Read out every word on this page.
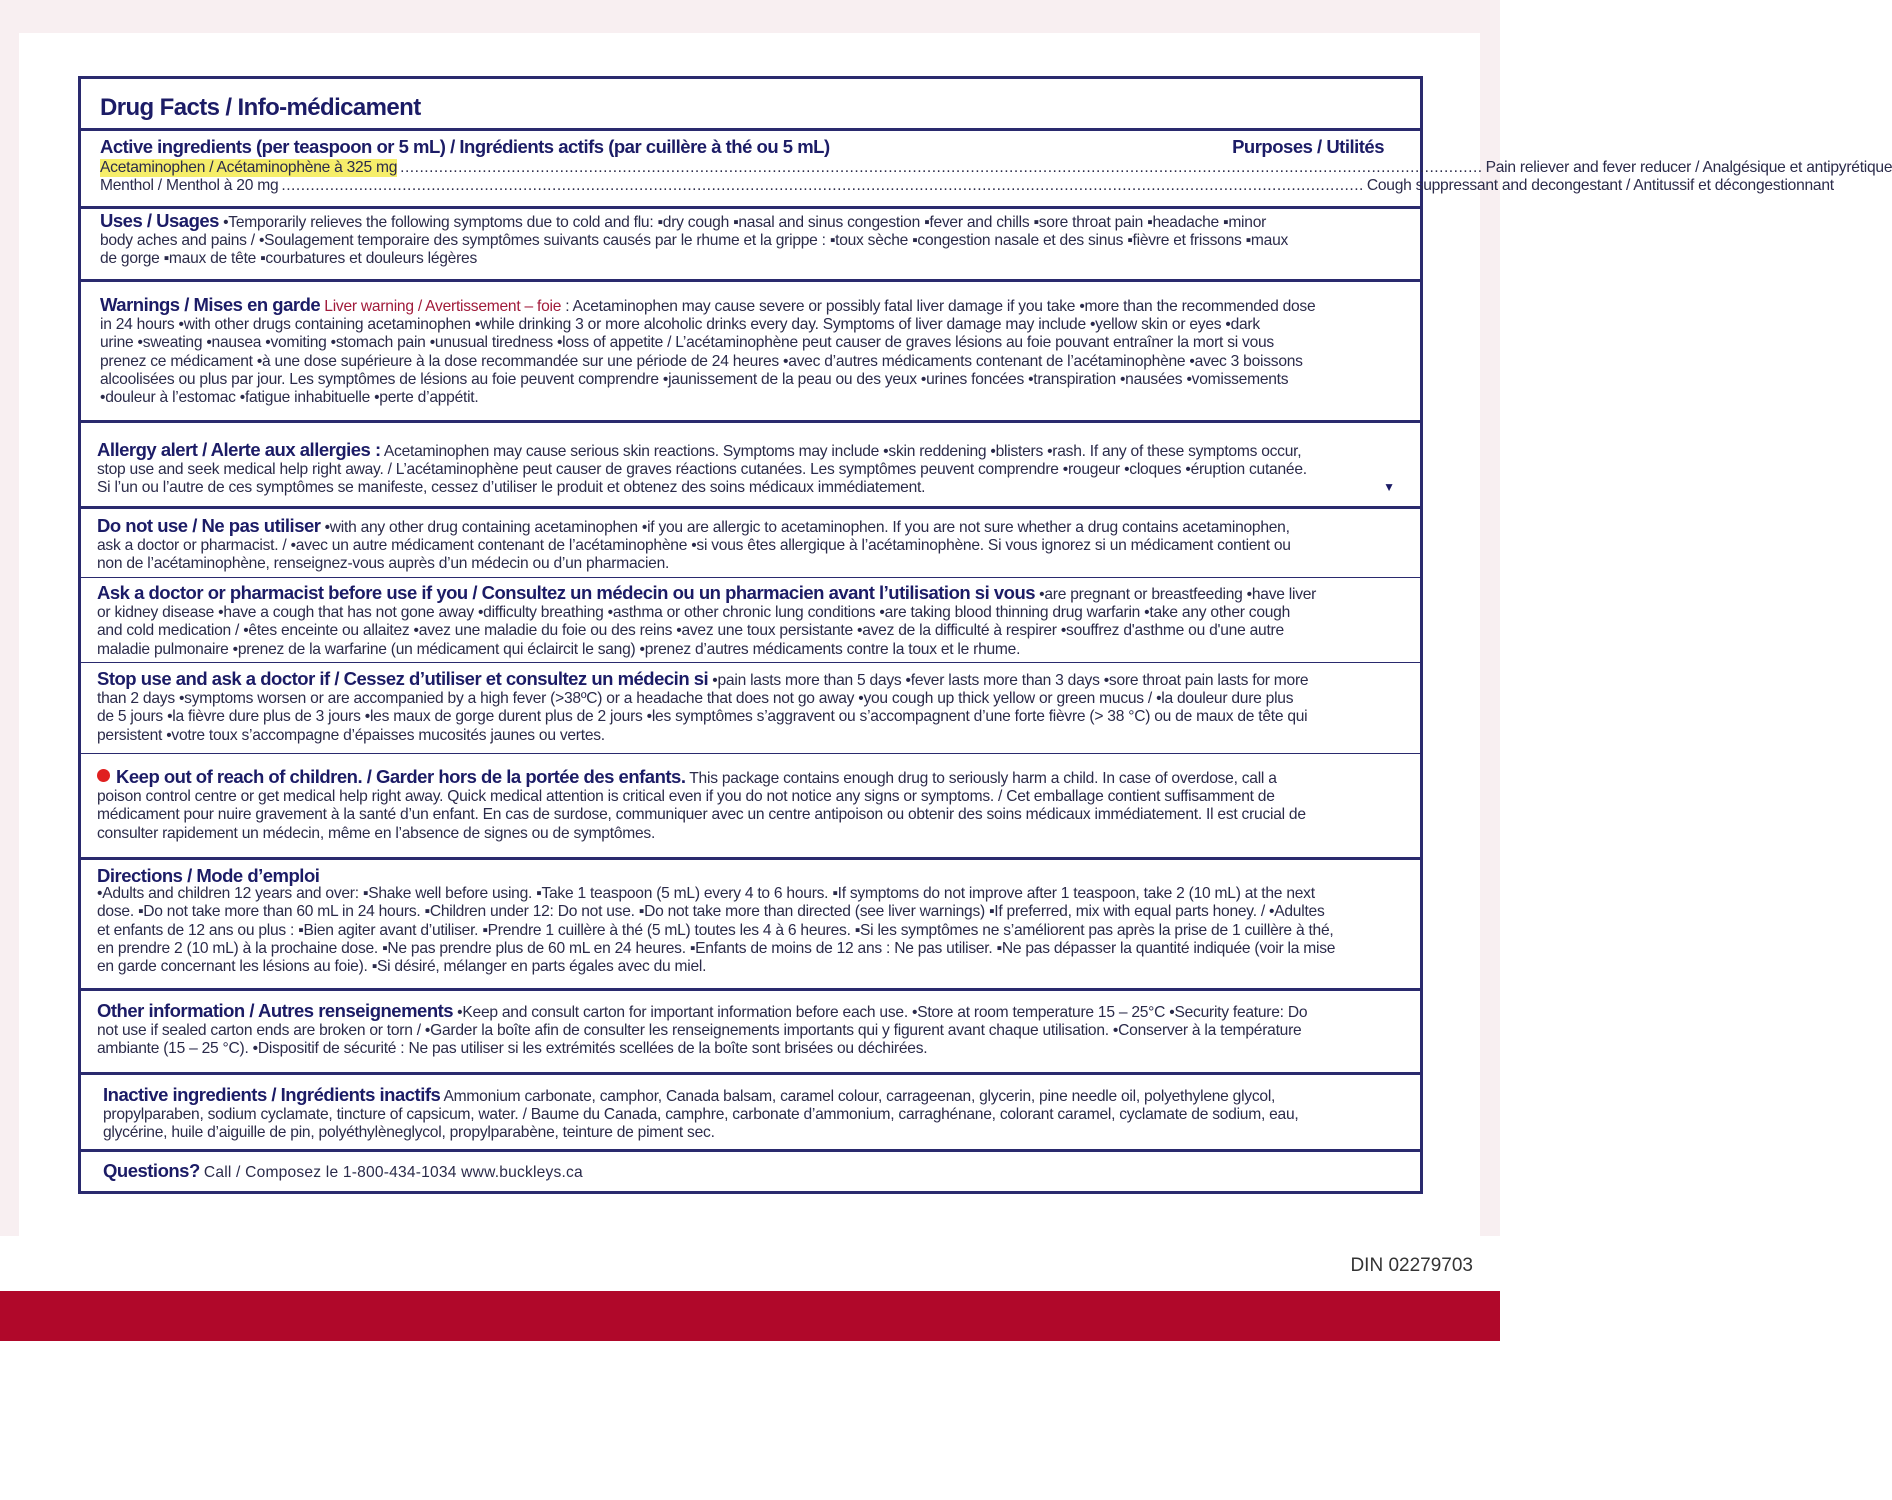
Drug Facts / Info-médicament
Active ingredients (per teaspoon or 5 mL) / Ingrédients actifs (par cuillère à thé ou 5 mL)	Purposes / Utilités
Acetaminophen / Acétaminophène à 325 mg ................................................................................................................................................................................................................................ Pain reliever and fever reducer / Analgésique et antipyrétique
Menthol / Menthol à 20 mg ................................................................................................................................................................................................................................ Cough suppressant and decongestant / Antitussif et décongestionnant
Uses / Usages •Temporarily relieves the following symptoms due to cold and flu: ▪dry cough ▪nasal and sinus congestion ▪fever and chills ▪sore throat pain ▪headache ▪minor
body aches and pains / •Soulagement temporaire des symptômes suivants causés par le rhume et la grippe : ▪toux sèche ▪congestion nasale et des sinus ▪fièvre et frissons ▪maux
de gorge ▪maux de tête ▪courbatures et douleurs légères
Warnings / Mises en garde Liver warning / Avertissement – foie : Acetaminophen may cause severe or possibly fatal liver damage if you take •more than the recommended dose
in 24 hours •with other drugs containing acetaminophen •while drinking 3 or more alcoholic drinks every day. Symptoms of liver damage may include •yellow skin or eyes •dark
urine •sweating •nausea •vomiting •stomach pain •unusual tiredness •loss of appetite / L’acétaminophène peut causer de graves lésions au foie pouvant entraîner la mort si vous
prenez ce médicament •à une dose supérieure à la dose recommandée sur une période de 24 heures •avec d’autres médicaments contenant de l’acétaminophène •avec 3 boissons
alcoolisées ou plus par jour. Les symptômes de lésions au foie peuvent comprendre •jaunissement de la peau ou des yeux •urines foncées •transpiration •nausées •vomissements
•douleur à l’estomac •fatigue inhabituelle •perte d’appétit.
Allergy alert / Alerte aux allergies : Acetaminophen may cause serious skin reactions. Symptoms may include •skin reddening •blisters •rash. If any of these symptoms occur,
stop use and seek medical help right away. / L’acétaminophène peut causer de graves réactions cutanées. Les symptômes peuvent comprendre •rougeur •cloques •éruption cutanée.
Si l’un ou l’autre de ces symptômes se manifeste, cessez d’utiliser le produit et obtenez des soins médicaux immédiatement.	▼
Do not use / Ne pas utiliser •with any other drug containing acetaminophen •if you are allergic to acetaminophen. If you are not sure whether a drug contains acetaminophen,
ask a doctor or pharmacist. / •avec un autre médicament contenant de l’acétaminophène •si vous êtes allergique à l’acétaminophène. Si vous ignorez si un médicament contient ou
non de l’acétaminophène, renseignez-vous auprès d’un médecin ou d’un pharmacien.
Ask a doctor or pharmacist before use if you / Consultez un médecin ou un pharmacien avant l’utilisation si vous •are pregnant or breastfeeding •have liver
or kidney disease •have a cough that has not gone away •difficulty breathing •asthma or other chronic lung conditions •are taking blood thinning drug warfarin •take any other cough
and cold medication / •êtes enceinte ou allaitez •avez une maladie du foie ou des reins •avez une toux persistante •avez de la difficulté à respirer •souffrez d'asthme ou d'une autre
maladie pulmonaire •prenez de la warfarine (un médicament qui éclaircit le sang) •prenez d’autres médicaments contre la toux et le rhume.
Stop use and ask a doctor if / Cessez d’utiliser et consultez un médecin si •pain lasts more than 5 days •fever lasts more than 3 days •sore throat pain lasts for more
than 2 days •symptoms worsen or are accompanied by a high fever (>38ºC) or a headache that does not go away •you cough up thick yellow or green mucus / •la douleur dure plus
de 5 jours •la fièvre dure plus de 3 jours •les maux de gorge durent plus de 2 jours •les symptômes s’aggravent ou s’accompagnent d’une forte fièvre (> 38 °C) ou de maux de tête qui
persistent •votre toux s’accompagne d’épaisses mucosités jaunes ou vertes.
Keep out of reach of children. / Garder hors de la portée des enfants. This package contains enough drug to seriously harm a child. In case of overdose, call a
poison control centre or get medical help right away. Quick medical attention is critical even if you do not notice any signs or symptoms. / Cet emballage contient suffisamment de
médicament pour nuire gravement à la santé d’un enfant. En cas de surdose, communiquer avec un centre antipoison ou obtenir des soins médicaux immédiatement. Il est crucial de
consulter rapidement un médecin, même en l’absence de signes ou de symptômes.
Directions / Mode d’emploi
•Adults and children 12 years and over: ▪Shake well before using. ▪Take 1 teaspoon (5 mL) every 4 to 6 hours. ▪If symptoms do not improve after 1 teaspoon, take 2 (10 mL) at the next
dose. ▪Do not take more than 60 mL in 24 hours. ▪Children under 12: Do not use. ▪Do not take more than directed (see liver warnings) ▪If preferred, mix with equal parts honey. / •Adultes
et enfants de 12 ans ou plus : ▪Bien agiter avant d’utiliser. ▪Prendre 1 cuillère à thé (5 mL) toutes les 4 à 6 heures. ▪Si les symptômes ne s’améliorent pas après la prise de 1 cuillère à thé,
en prendre 2 (10 mL) à la prochaine dose. ▪Ne pas prendre plus de 60 mL en 24 heures. ▪Enfants de moins de 12 ans : Ne pas utiliser. ▪Ne pas dépasser la quantité indiquée (voir la mise
en garde concernant les lésions au foie). ▪Si désiré, mélanger en parts égales avec du miel.
Other information / Autres renseignements •Keep and consult carton for important information before each use. •Store at room temperature 15 – 25°C •Security feature: Do
not use if sealed carton ends are broken or torn / •Garder la boîte afin de consulter les renseignements importants qui y figurent avant chaque utilisation. •Conserver à la température
ambiante (15 – 25 °C). •Dispositif de sécurité : Ne pas utiliser si les extrémités scellées de la boîte sont brisées ou déchirées.
Inactive ingredients / Ingrédients inactifs Ammonium carbonate, camphor, Canada balsam, caramel colour, carrageenan, glycerin, pine needle oil, polyethylene glycol,
propylparaben, sodium cyclamate, tincture of capsicum, water. / Baume du Canada, camphre, carbonate d’ammonium, carraghénane, colorant caramel, cyclamate de sodium, eau,
glycérine, huile d’aiguille de pin, polyéthylèneglycol, propylparabène, teinture de piment sec.
Questions? Call / Composez le 1-800-434-1034 www.buckleys.ca
DIN 02279703
